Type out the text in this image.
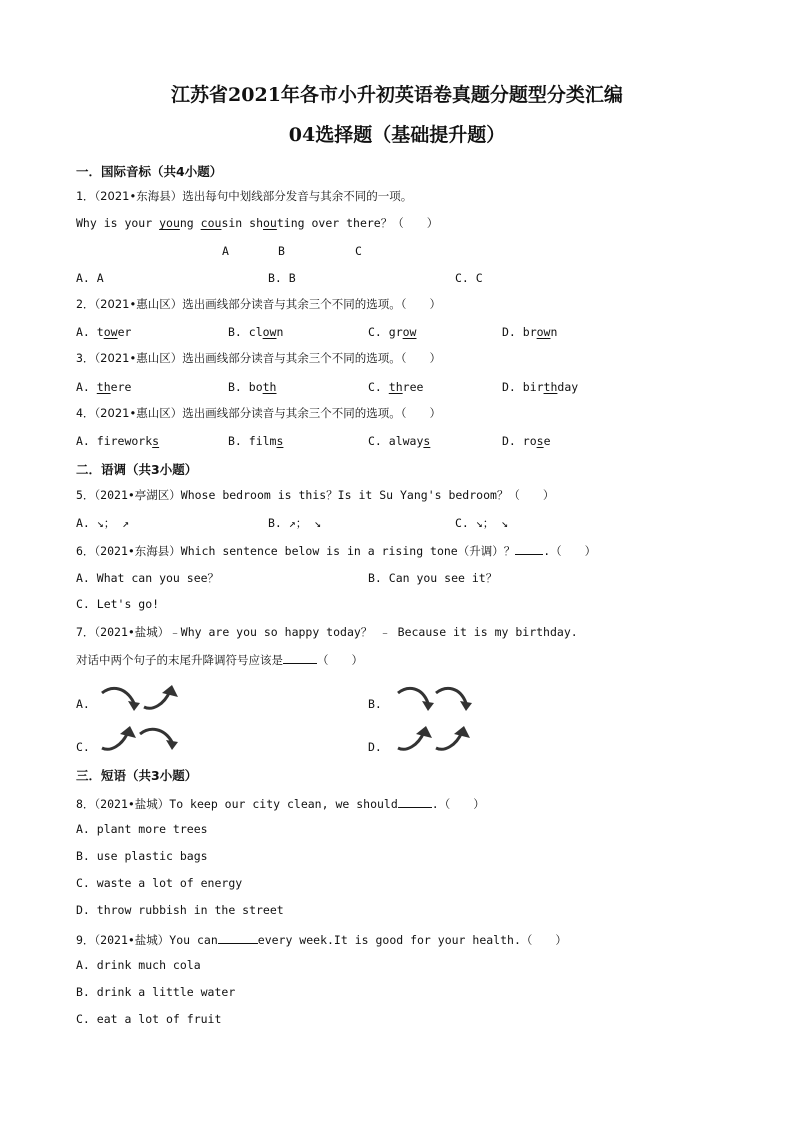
江苏省2021年各市小升初英语卷真题分题型分类汇编
04选择题（基础提升题）
一．国际音标（共4小题）
1．（2021•东海县）选出每句中划线部分发音与其余不同的一项。
Why is your young cousin shouting over there？（　　）
A	B	C
A. A	B. B	C. C
2．（2021•惠山区）选出画线部分读音与其余三个不同的选项。（　　）
A. tower	B. clown	C. grow	D. brown
3．（2021•惠山区）选出画线部分读音与其余三个不同的选项。（　　）
A. there	B. both	C. three	D. birthday
4．（2021•惠山区）选出画线部分读音与其余三个不同的选项。（　　）
A. fireworks	B. films	C. always	D. rose
二．语调（共3小题）
5．（2021•亭湖区）Whose bedroom is this？Is it Su Yang's bedroom？（　　）
A. ↘； ↗	B. ↗； ↘	C. ↘； ↘
6．（2021•东海县）Which sentence below is in a rising tone（升调）？ .（　　）
A. What can you see？	B. Can you see it？
C. Let's go!
7．（2021•盐城）﹣Why are you so happy today？ ﹣ Because it is my birthday.
对话中两个句子的末尾升降调符号应该是	（　　）
A.	B.
C.	D.
三．短语（共3小题）
8．（2021•盐城）To keep our city clean, we should	.（　　）
A. plant more trees
B. use plastic bags
C. waste a lot of energy
D. throw rubbish in the street
9．（2021•盐城）You can	every week.It is good for your health.（　　）
A. drink much cola
B. drink a little water
C. eat a lot of fruit
